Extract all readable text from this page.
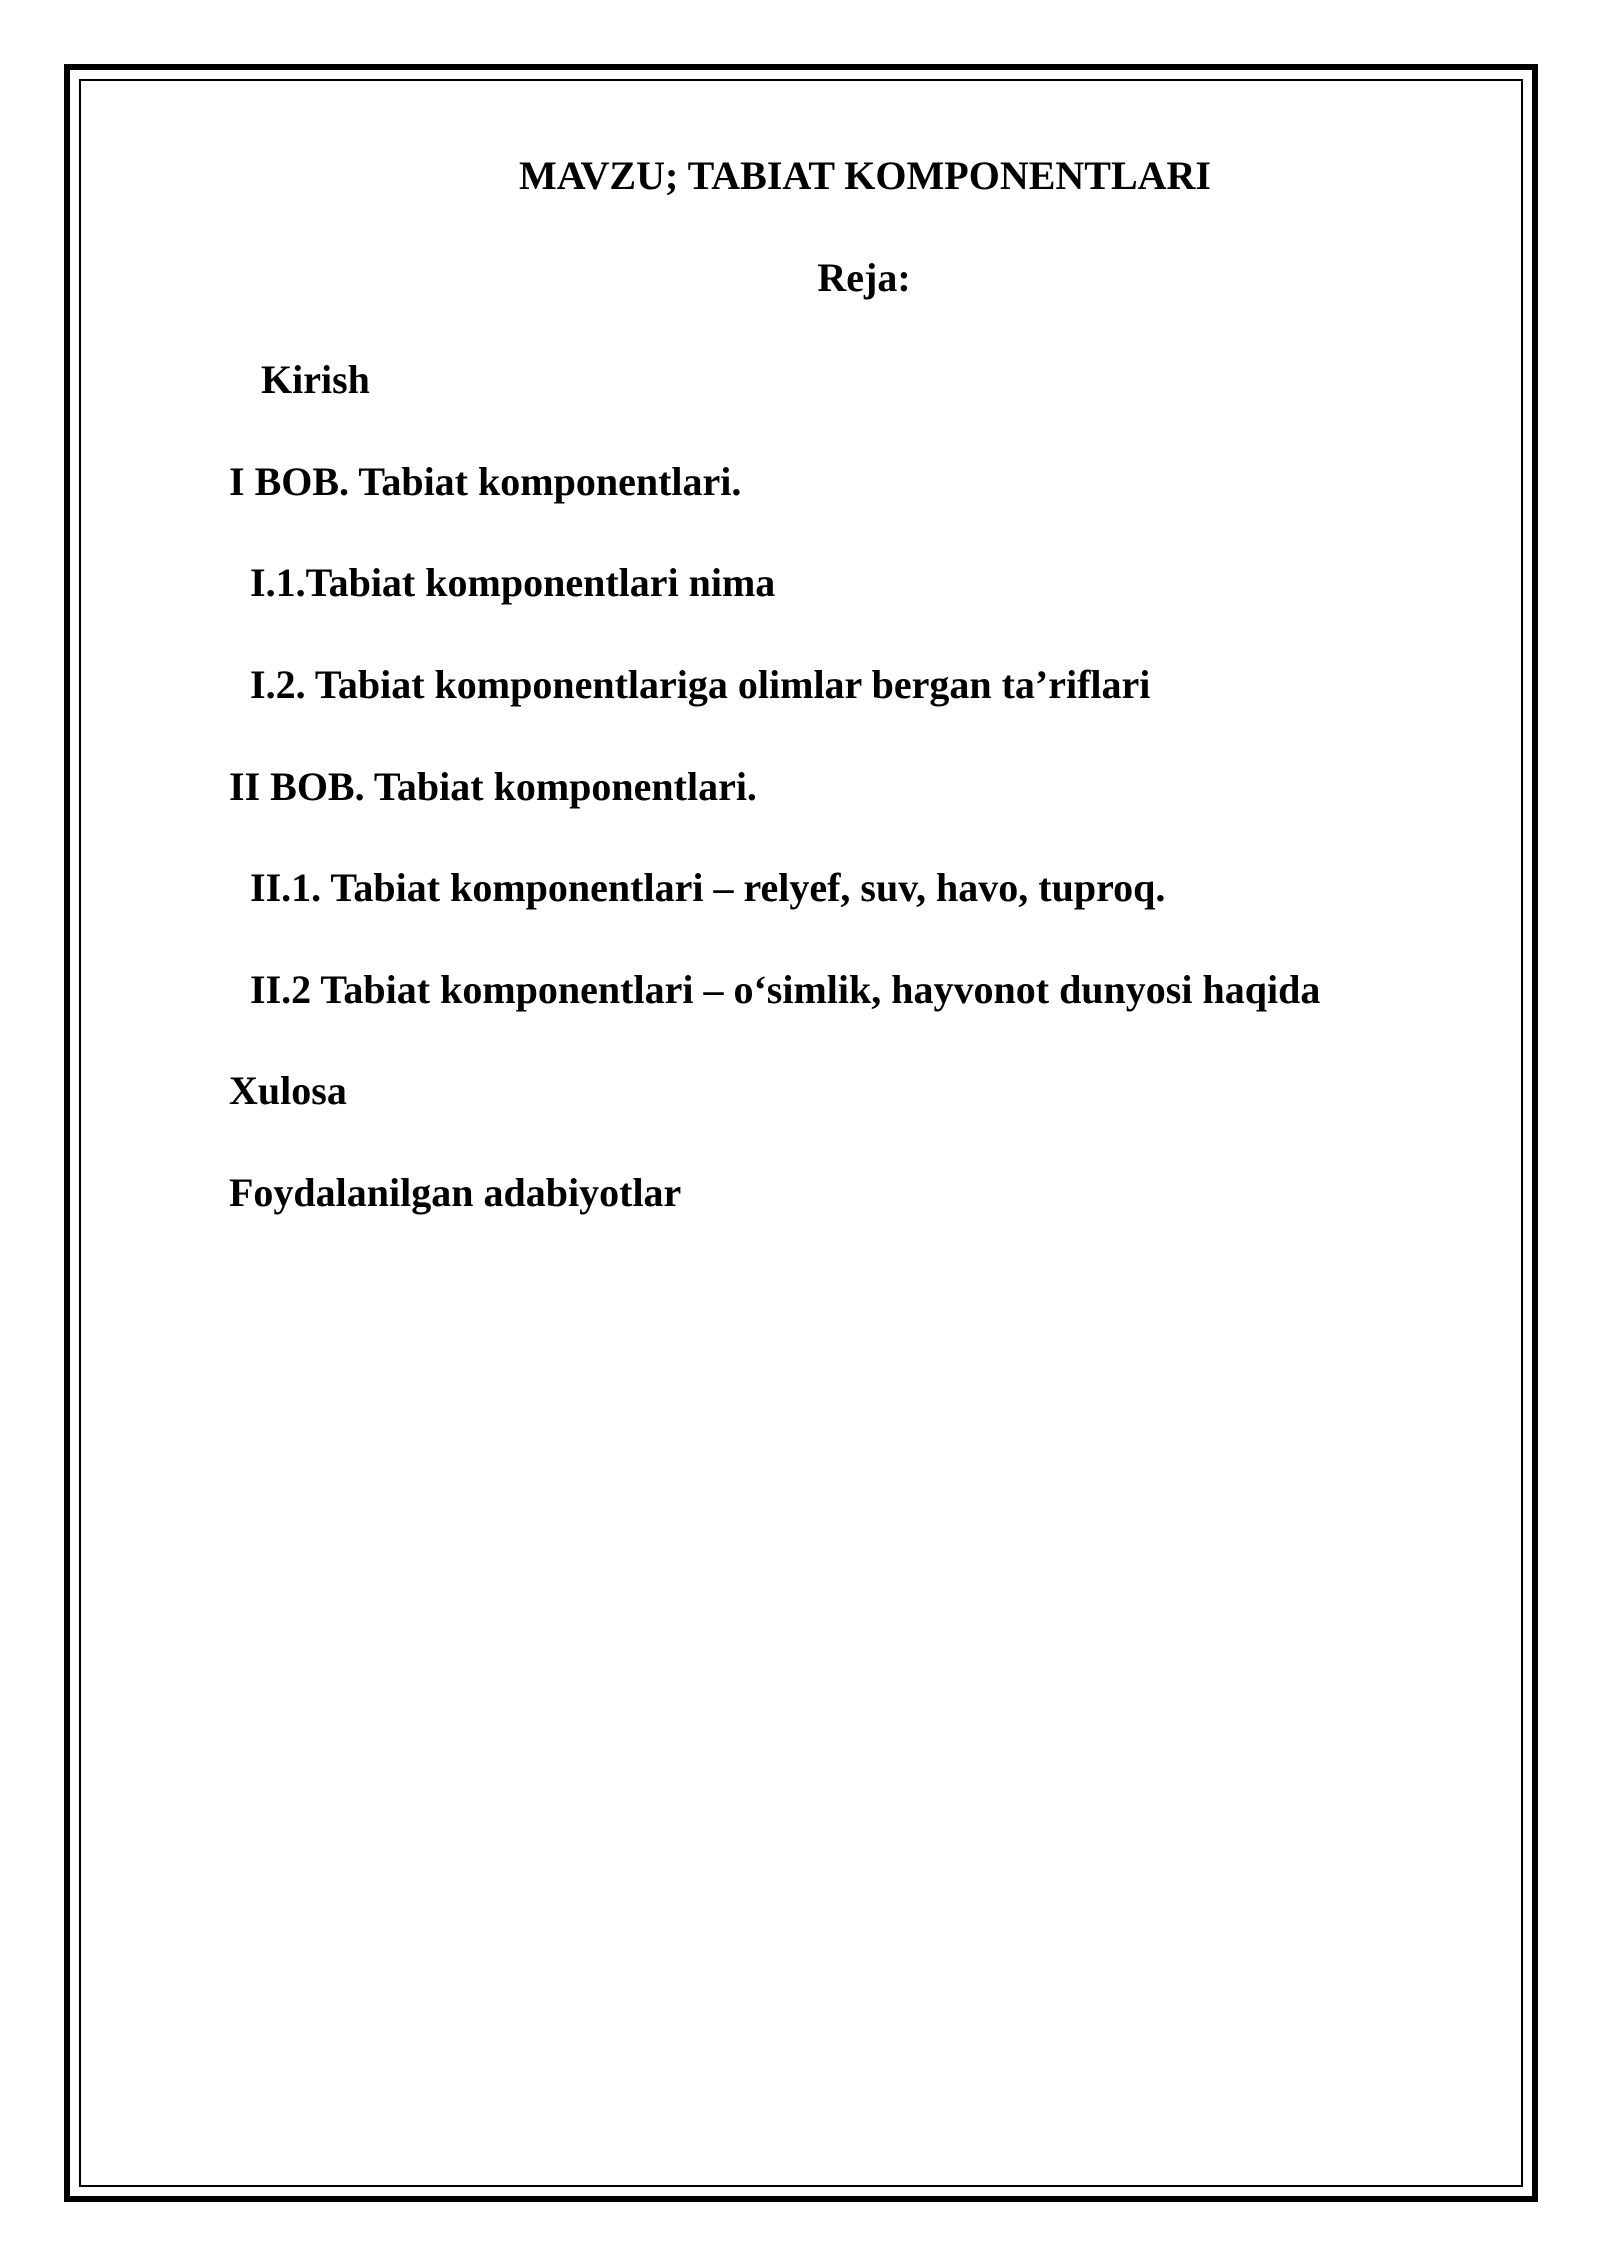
MAVZU; TABIAT KOMPONENTLARI
Reja:
Kirish
I BOB. Tabiat komponentlari.
I.1.Tabiat komponentlari nima
I.2. Tabiat komponentlariga olimlar bergan ta’riflari
II BOB. Tabiat komponentlari.
II.1. Tabiat komponentlari – relyef, suv, havo, tuproq.
II.2 Tabiat komponentlari – o‘simlik, hayvonot dunyosi haqida
Xulosa
Foydalanilgan adabiyotlar
